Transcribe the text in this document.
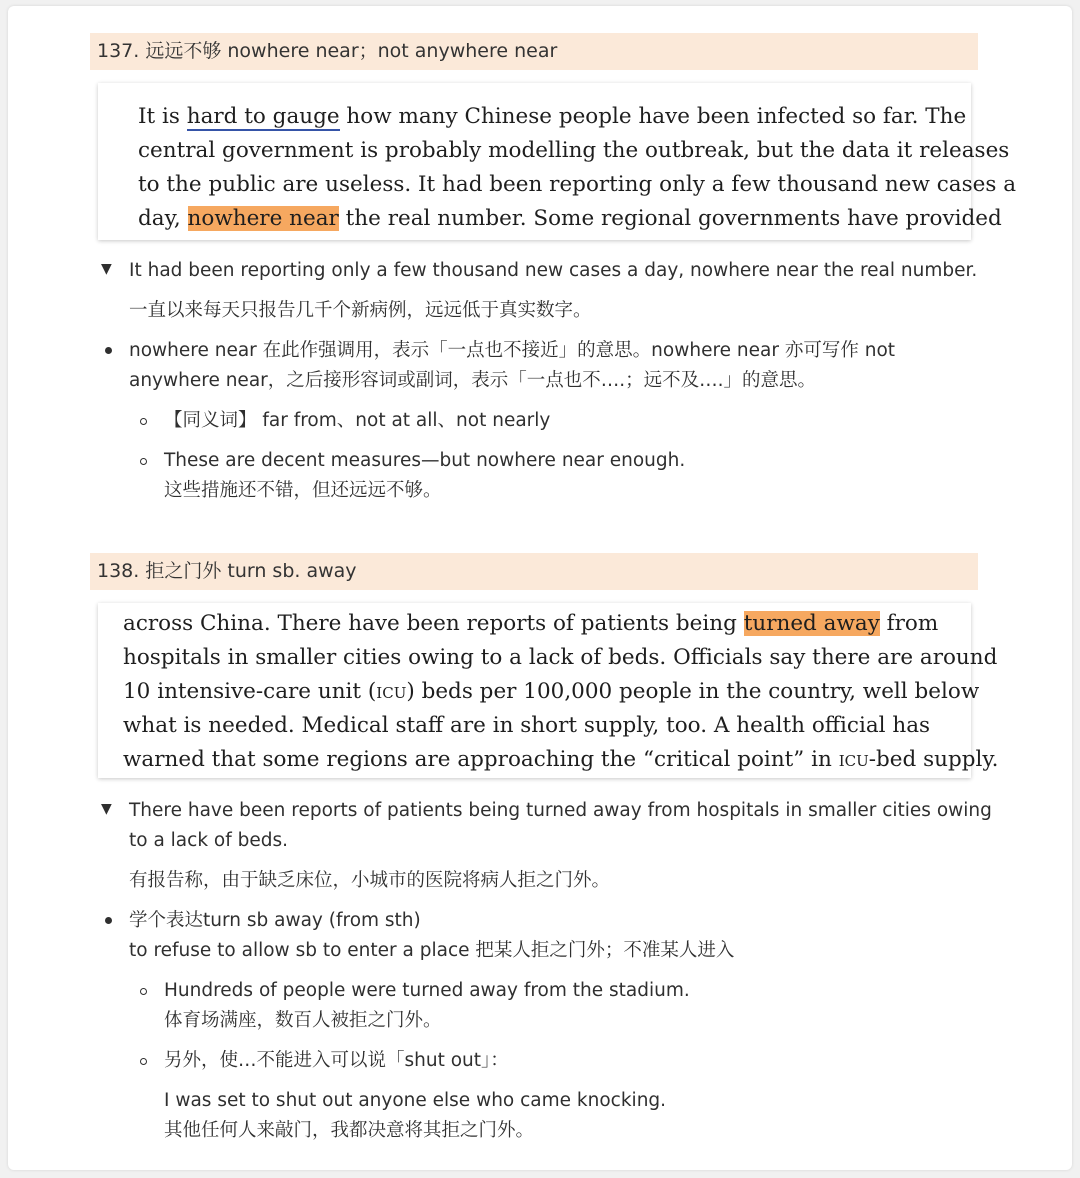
137. 远远不够 nowhere near；not anywhere near
It is hard to gauge how many Chinese people have been infected so far. The
central government is probably modelling the outbreak, but the data it releases
to the public are useless. It had been reporting only a few thousand new cases a
day, nowhere near the real number. Some regional governments have provided
▼ It had been reporting only a few thousand new cases a day, nowhere near the real number.
一直以来每天只报告几千个新病例，远远低于真实数字。
nowhere near 在此作强调用，表示「一点也不接近」的意思。nowhere near 亦可写作 not
anywhere near，之后接形容词或副词，表示「一点也不….；远不及….」的意思。
【同义词】 far from、not at all、not nearly
These are decent measures—but nowhere near enough.
这些措施还不错，但还远远不够。
138. 拒之门外 turn sb. away
across China. There have been reports of patients being turned away from
hospitals in smaller cities owing to a lack of beds. Officials say there are around
10 intensive-care unit (icu) beds per 100,000 people in the country, well below
what is needed. Medical staff are in short supply, too. A health official has
warned that some regions are approaching the “critical point” in icu-bed supply.
▼ There have been reports of patients being turned away from hospitals in smaller cities owing
to a lack of beds.
有报告称，由于缺乏床位，小城市的医院将病人拒之门外。
学个表达turn sb away (from sth)
to refuse to allow sb to enter a place 把某人拒之门外；不准某人进入
Hundreds of people were turned away from the stadium.
体育场满座，数百人被拒之门外。
另外，使…不能进入可以说「shut out」：
I was set to shut out anyone else who came knocking.
其他任何人来敲门，我都决意将其拒之门外。
